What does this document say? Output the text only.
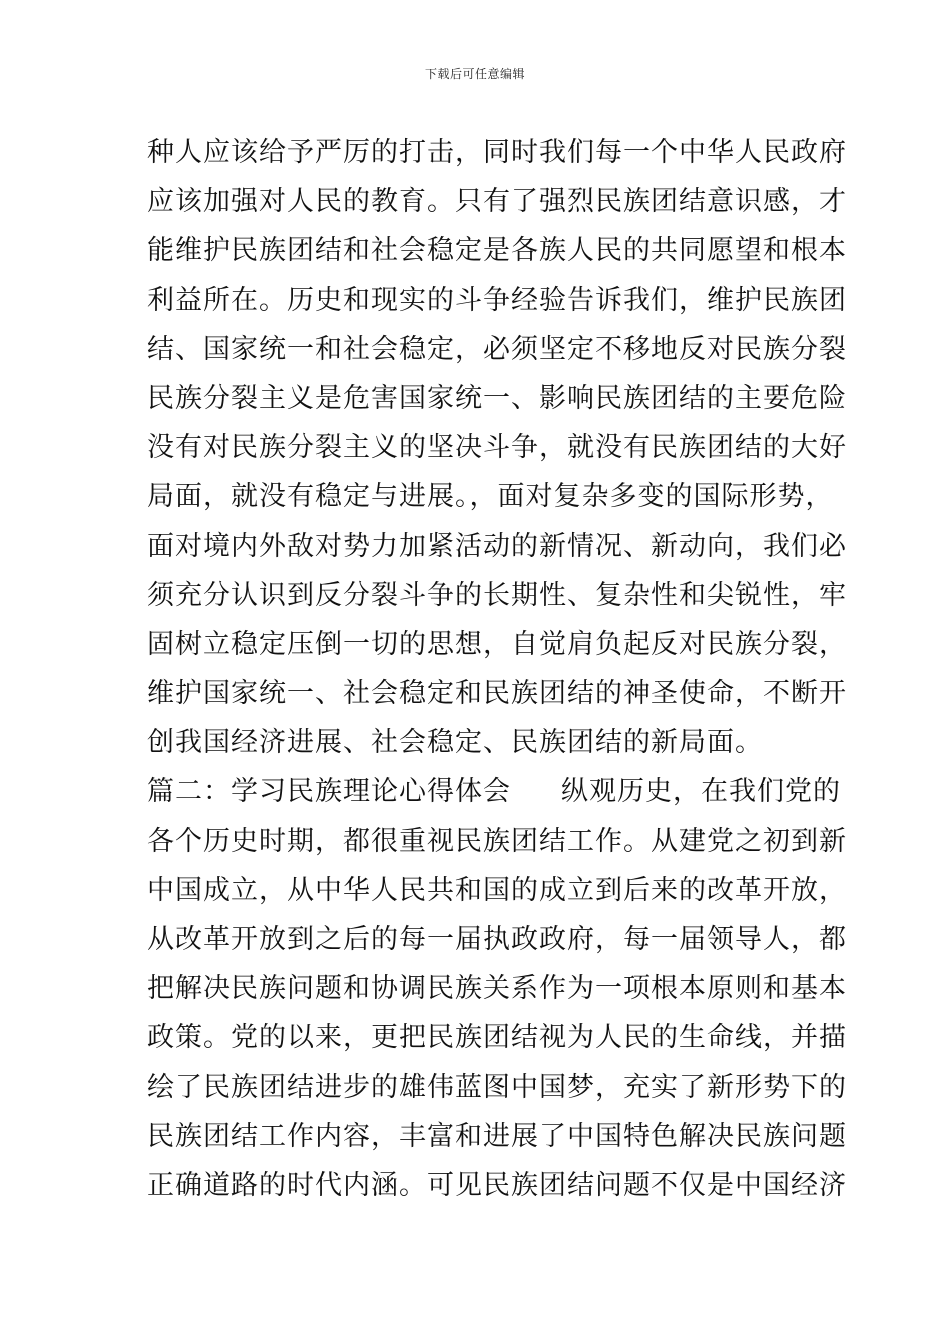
下载后可任意编辑
种人应该给予严厉的打击，同时我们每一个中华人民政府
应该加强对人民的教育。只有了强烈民族团结意识感，才
能维护民族团结和社会稳定是各族人民的共同愿望和根本
利益所在。历史和现实的斗争经验告诉我们，维护民族团
结、国家统一和社会稳定，必须坚定不移地反对民族分裂
民族分裂主义是危害国家统一、影响民族团结的主要危险
没有对民族分裂主义的坚决斗争，就没有民族团结的大好
局面，就没有稳定与进展。，面对复杂多变的国际形势，
面对境内外敌对势力加紧活动的新情况、新动向，我们必
须充分认识到反分裂斗争的长期性、复杂性和尖锐性，牢
固树立稳定压倒一切的思想，自觉肩负起反对民族分裂，
维护国家统一、社会稳定和民族团结的神圣使命，不断开
创我国经济进展、社会稳定、民族团结的新局面。
篇二：学习民族理论心得体会 纵观历史，在我们党的
各个历史时期，都很重视民族团结工作。从建党之初到新
中国成立，从中华人民共和国的成立到后来的改革开放，
从改革开放到之后的每一届执政政府，每一届领导人，都
把解决民族问题和协调民族关系作为一项根本原则和基本
政策。党的以来，更把民族团结视为人民的生命线，并描
绘了民族团结进步的雄伟蓝图中国梦，充实了新形势下的
民族团结工作内容，丰富和进展了中国特色解决民族问题
正确道路的时代内涵。可见民族团结问题不仅是中国经济
